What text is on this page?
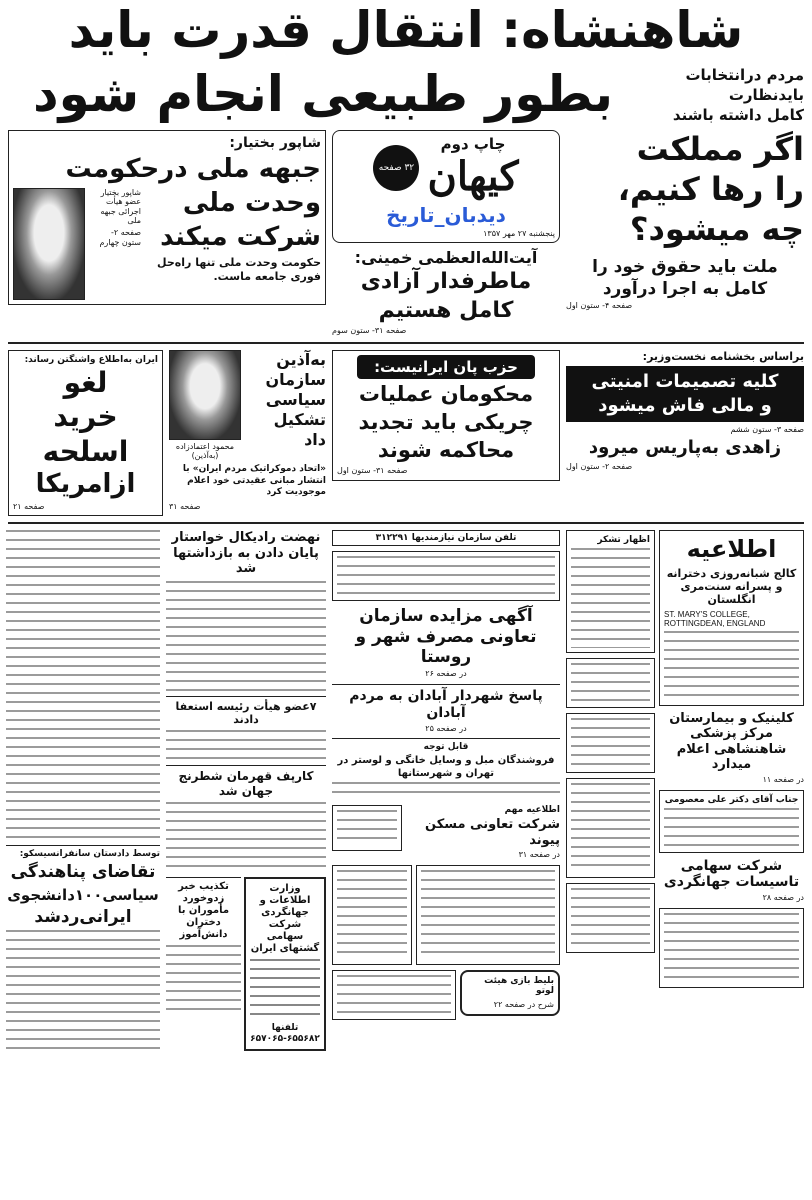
شاهنشاه: انتقال قدرت باید
مردم درانتخابات
بایدنظارت
کامل داشته باشند
بطور طبیعی انجام شود
اگر مملکت
را رها کنیم،
چه میشود؟
ملت باید حقوق خود را
کامل به اجرا درآورد
صفحه ۴- ستون اول
چاپ دوم
کیهان
۳۲ صفحه
دیدبان_تاریخ
پنجشنبه ۲۷ مهر ۱۳۵۷
آیت‌الله‌العظمی خمینی:
ماطرفدار آزادی
کامل هستیم
صفحه ۳۱- ستون سوم
شاپور بختیار:
جبهه ملی درحکومت
وحدت ملی
شرکت میکند
حکومت وحدت ملی تنها راه‌حل فوری جامعه ماست.
شاپور بختیار عضو هیأت اجرائی جبهه ملی
صفحه ۲- ستون چهارم
براساس بخشنامه نخست‌وزیر:
کلیه تصمیمات امنیتی
و مالی فاش میشود
صفحه ۳- ستون ششم
زاهدی به‌پاریس میرود
صفحه ۲- ستون اول
حزب پان ایرانیست:
محکومان عملیات
چریکی باید تجدید
محاکمه شوند
صفحه ۳۱- ستون اول
به‌آذین
سازمان
سیاسی
تشکیل
داد
محمود اعتمادزاده (به‌آذین)
«اتحاد دموکراتیک مردم ایران» با انتشار مبانی عقیدتی خود اعلام موجودیت کرد
صفحه ۳۱
ایران به‌اطلاع واشنگتن رساند:
لغو
خرید
اسلحه
ازامریکا
صفحه ۲۱
اطلاعیه
کالج شبانه‌روزی دخترانه و پسرانه سنت‌مری انگلستان
ST. MARY'S COLLEGE, ROTTINGDEAN, ENGLAND
کلینیک و بیمارستان مرکز پزشکی شاهنشاهی اعلام میدارد
در صفحه ۱۱
جناب آقای دکتر علی معصومی
شرکت سهامی تاسیسات جهانگردی
در صفحه ۲۸
اظهار تشکر
تلفن سازمان نیازمندیها ۳۱۲۲۹۱
آگهی مزایده سازمان تعاونی مصرف شهر و روستا
در صفحه ۲۶
پاسخ شهردار آبادان به مردم آبادان
در صفحه ۲۵
قابل توجه
فروشندگان مبل و وسایل خانگی و لوستر در تهران و شهرستانها
اطلاعیه مهم
شرکت تعاونی مسکن پیوند
در صفحه ۳۱
بلیط بازی هیئت لوتو
شرح در صفحه ۲۲
نهضت رادیکال خواستار پایان دادن به بازداشتها شد
۷عضو هیأت رئیسه استعفا دادند
کارپف قهرمان شطرنج جهان شد
وزارت اطلاعات و جهانگردی شرکت سهامی گشتهای ایران
تلفنها ۶۵۵۶۸۲-۶۵۷۰۶۵
تکذیب خبر زدوخورد مأموران با دختران دانش‌آموز
توسط دادستان سانفرانسیسکو:
تقاضای پناهندگی
سیاسی۱۰۰دانشجوی
ایرانی‌ردشد
